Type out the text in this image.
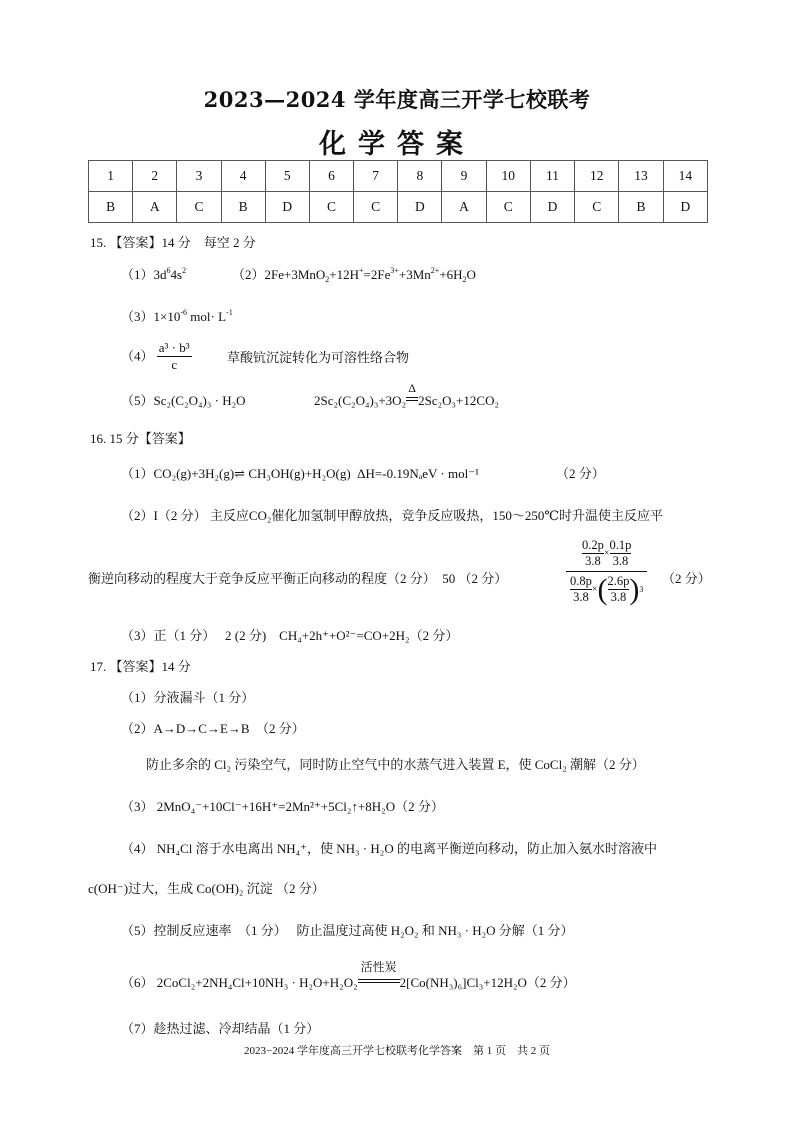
2023—2024 学年度高三开学七校联考
化学答案
1	2	3	4	5	6	7	8	9	10	11	12	13	14
B	A	C	B	D	C	C	D	A	C	D	C	B	D
15. 【答案】14 分　每空 2 分
$(1)3d^64s^2$	$(2)2Fe+3MnO_2+12H^+=2Fe^{3+}+3Mn^{2+}+6H_2O$
$(3)1\times 10^{-6}$ $mol\cdot L^{-1}$
$(4) \frac{\text{a³ · b³}}{c}$	草酸钪沉淀转化为可溶性络合物
（5）Sc₂(C₂O₄)₃ · H₂O	2Sc₂(C₂O₄)₃+3O₂
Δ
2Sc₂O₃+12CO₂
16. 15 分【答案】
（1）CO₂(g)+3H₂(g)⇌ CH₃OH(g)+H₂O(g) ΔH=-0.19NₐeV · mol⁻¹	（2 分）
（2）I（2 分） 主反应CO₂催化加氢制甲醇放热，竞争反应吸热，150～250℃时升温使主反应平
衡逆向移动的程度大于竞争反应平衡正向移动的程度（2 分）　50 （2 分）	$\frac{\frac{0.2p}{3.8} \times \frac{0.1p}{3.8}}{\frac{0.8p}{3.8} \times ( \frac{2.6p}{3.8} ) 3} (2$ 分）
（3）正（1 分）　 2 (2 分)　CH₄+2h⁺+O²⁻=CO+2H₂（2 分）
17. 【答案】14 分
（1）分液漏斗（1 分）
（2）A→D→C→E→B　（2 分）
防止多余的 Cl₂ 污染空气，同时防止空气中的水蒸气进入装置 E，使 CoCl₂ 潮解（2 分）
（3） 2MnO₄⁻+10Cl⁻+16H⁺=2Mn²⁺+5Cl₂↑+8H₂O（2 分）
（4） NH₄Cl 溶于水电离出 NH₄⁺，使 NH₃ · H₂O 的电离平衡逆向移动，防止加入氨水时溶液中
c(OH⁻)过大，生成 Co(OH)₂ 沉淀 （2 分）
（5）控制反应速率　（1 分）　 防止温度过高使 H₂O₂ 和 NH₃ · H₂O 分解（1 分）
（6） 2CoCl₂+2NH₄Cl+10NH₃ · H₂O+H₂O₂
活性炭
2[Co(NH₃)₆]Cl₃+12H₂O（2 分）
（7）趁热过滤、冷却结晶（1 分）
2023−2024 学年度高三开学七校联考化学答案　第 1 页　共 2 页
